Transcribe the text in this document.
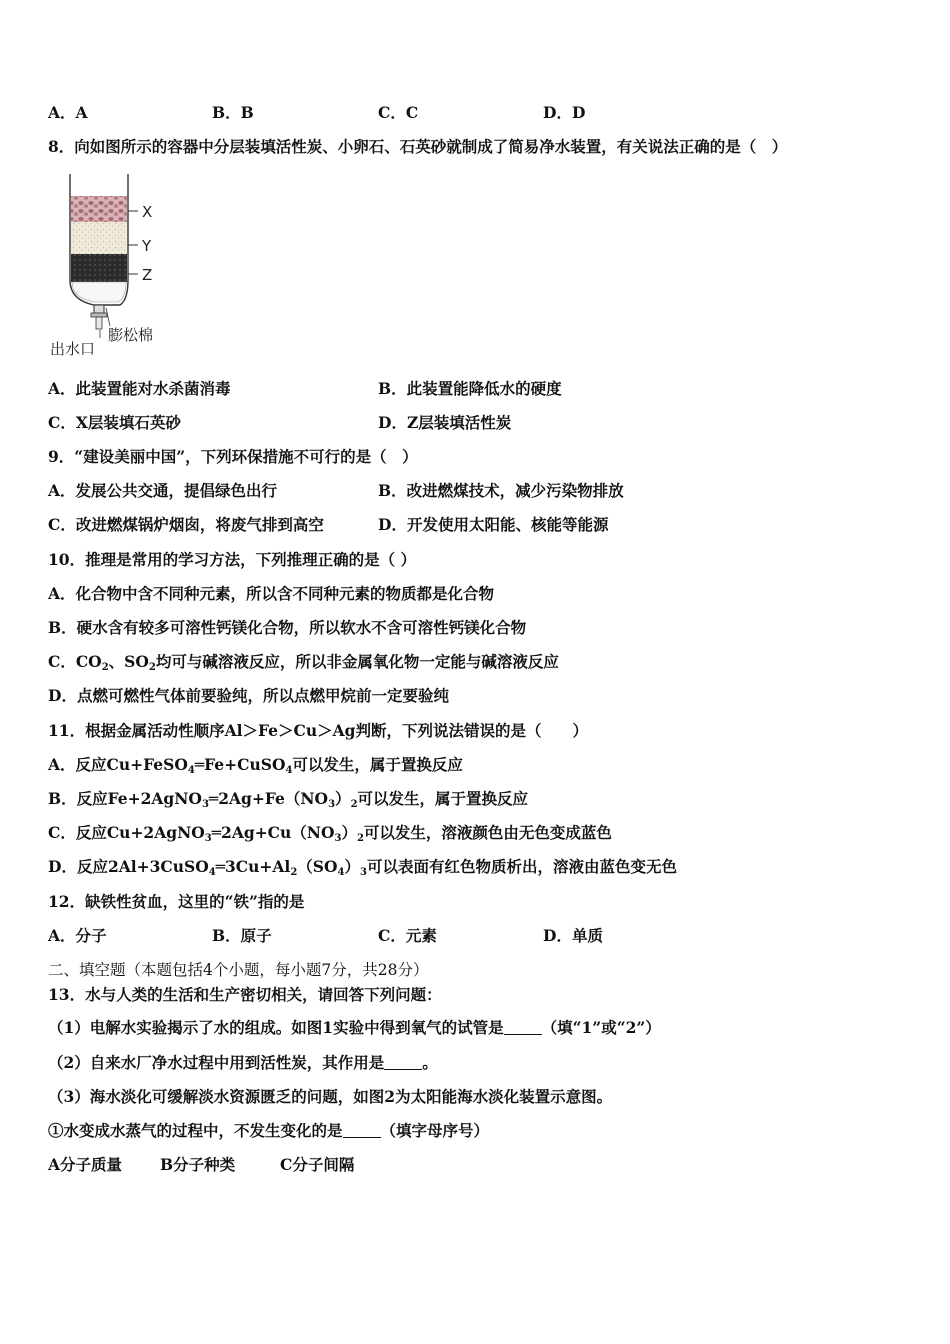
A．A	B．B	C．C	D．D
8．向如图所示的容器中分层装填活性炭、小卵石、石英砂就制成了简易净水装置，有关说法正确的是（　）
X
Y
Z
膨松棉
出水口
A．此装置能对水杀菌消毒	B．此装置能降低水的硬度
C．X层装填石英砂	D．Z层装填活性炭
9．“建设美丽中国”，下列环保措施不可行的是（　）
A．发展公共交通，提倡绿色出行	B．改进燃煤技术，减少污染物排放
C．改进燃煤锅炉烟囱，将废气排到高空	D．开发使用太阳能、核能等能源
10．推理是常用的学习方法，下列推理正确的是（ ）
A．化合物中含不同种元素，所以含不同种元素的物质都是化合物
B．硬水含有较多可溶性钙镁化合物，所以软水不含可溶性钙镁化合物
C．$CO_2$、$SO_2$均可与碱溶液反应，所以非金属氧化物一定能与碱溶液反应
D．点燃可燃性气体前要验纯，所以点燃甲烷前一定要验纯
11．根据金属活动性顺序Al＞Fe＞Cu＞Ag判断，下列说法错误的是（　　）
A．反应Cu+FeSO$_4$═Fe+CuSO$_4$可以发生，属于置换反应
B．反应$Fe+2AgNO_3═2Ag+Fe(NO_3)_2$可以发生，属于置换反应
C．反应$Cu+2AgNO_3═2Ag+Cu(NO_3)_2$可以发生，溶液颜色由无色变成蓝色
D．反应$2Al+3CuSO_4═3Cu+Al_2(SO_4)_3$可以表面有红色物质析出，溶液由蓝色变无色
12．缺铁性贫血，这里的“铁”指的是
A．分子	B．原子	C．元素	D．单质
二、填空题（本题包括4个小题，每小题7分，共28分）
13．水与人类的生活和生产密切相关，请回答下列问题：
（1）电解水实验揭示了水的组成。如图1实验中得到氧气的试管是 （填“1”或“2”）
（2）自来水厂净水过程中用到活性炭，其作用是 。
（3）海水淡化可缓解淡水资源匮乏的问题，如图2为太阳能海水淡化装置示意图。
①水变成水蒸气的过程中，不发生变化的是 （填字母序号）
A分子质量 B分子种类	C分子间隔
